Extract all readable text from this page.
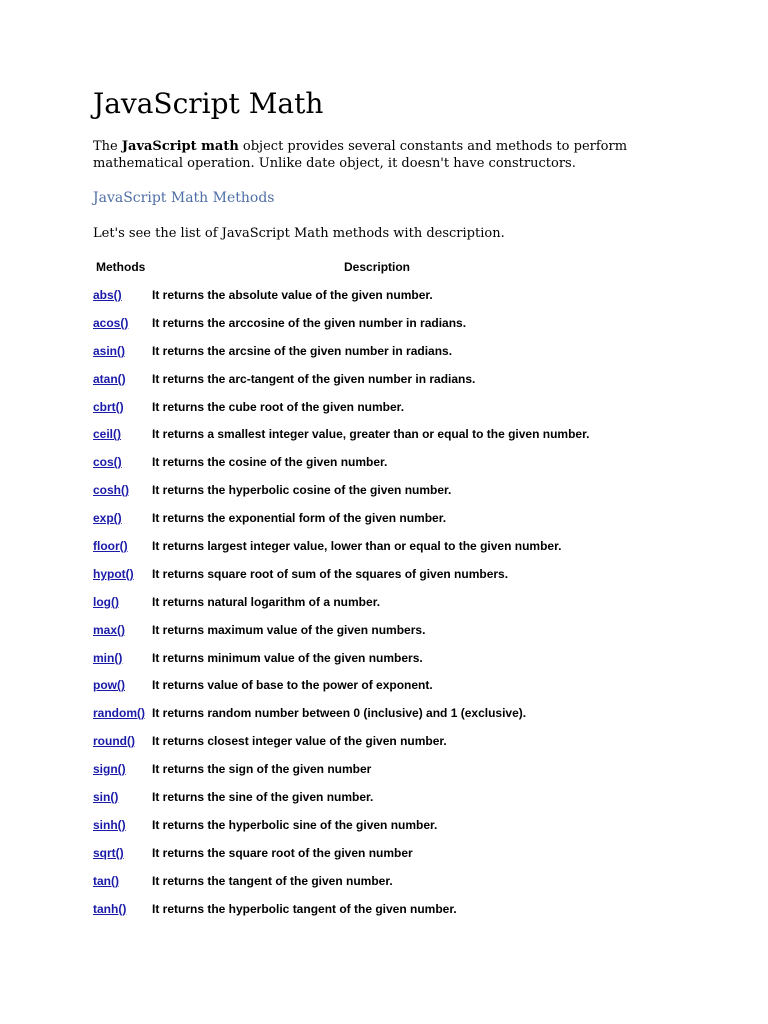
JavaScript Math

The JavaScript math object provides several constants and methods to perform mathematical operation. Unlike date object, it doesn't have constructors.

JavaScript Math Methods

Let's see the list of JavaScript Math methods with description.

Methods	Description
abs()	It returns the absolute value of the given number.
acos() It returns the arccosine of the given number in radians.
asin() It returns the arcsine of the given number in radians.
atan() It returns the arc-tangent of the given number in radians.
cbrt() It returns the cube root of the given number.
ceil()	It returns a smallest integer value, greater than or equal to the given number.
cos()	It returns the cosine of the given number.
cosh() It returns the hyperbolic cosine of the given number.
exp()	It returns the exponential form of the given number.
floor() It returns largest integer value, lower than or equal to the given number.
hypot() It returns square root of sum of the squares of given numbers.
log()	It returns natural logarithm of a number.
max() It returns maximum value of the given numbers.
min() It returns minimum value of the given numbers.
pow() It returns value of base to the power of exponent.
random() It returns random number between 0 (inclusive) and 1 (exclusive).
round() It returns closest integer value of the given number.
sign() It returns the sign of the given number
sin()	It returns the sine of the given number.
sinh() It returns the hyperbolic sine of the given number.
sqrt() It returns the square root of the given number
tan()	It returns the tangent of the given number.
tanh() It returns the hyperbolic tangent of the given number.
